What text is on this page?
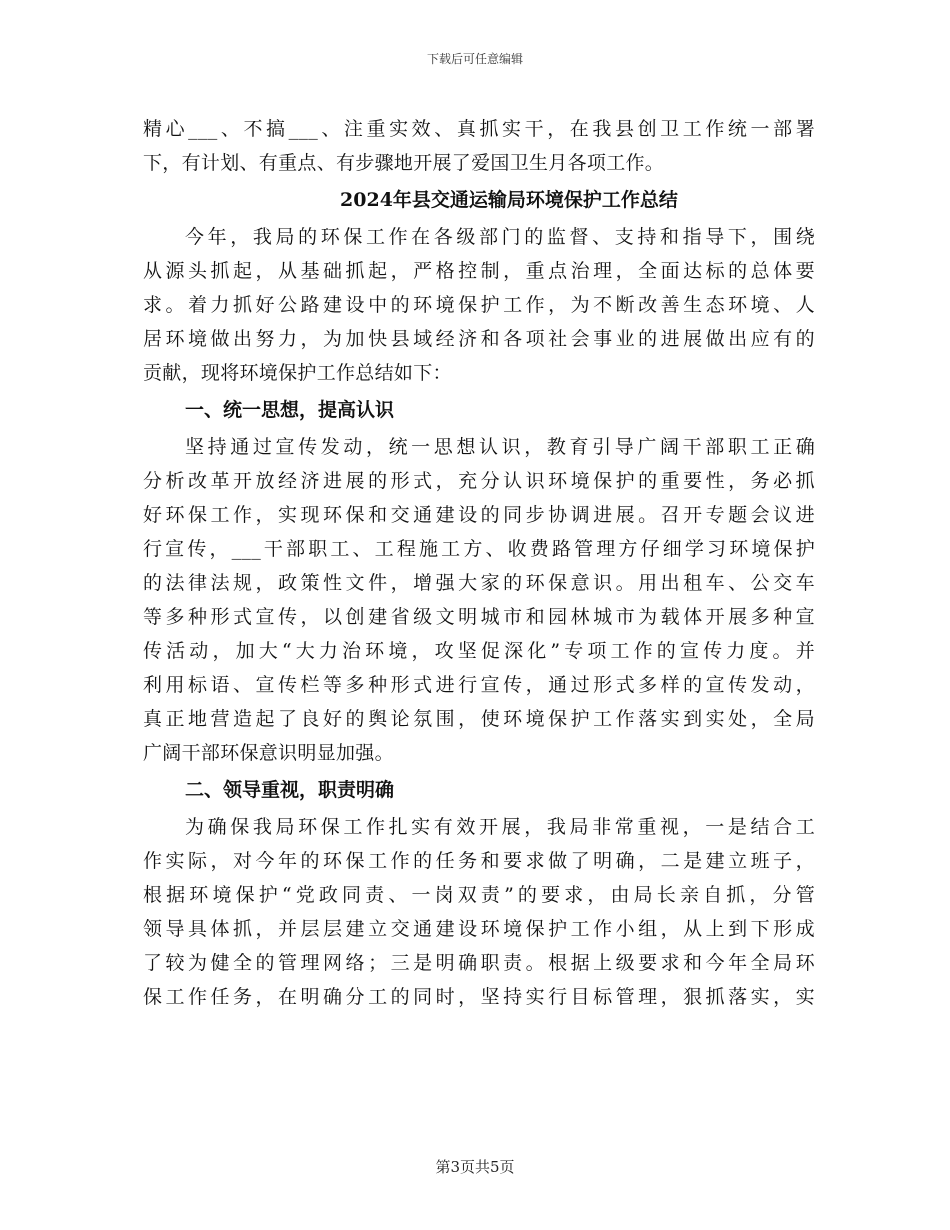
下载后可任意编辑
精心___、不搞___、注重实效、真抓实干，在我县创卫工作统一部署
下，有计划、有重点、有步骤地开展了爱国卫生月各项工作。
2024年县交通运输局环境保护工作总结
今年，我局的环保工作在各级部门的监督、支持和指导下，围绕
从源头抓起，从基础抓起，严格控制，重点治理，全面达标的总体要
求。着力抓好公路建设中的环境保护工作，为不断改善生态环境、人
居环境做出努力，为加快县域经济和各项社会事业的进展做出应有的
贡献，现将环境保护工作总结如下：
一、统一思想，提高认识
坚持通过宣传发动，统一思想认识，教育引导广阔干部职工正确
分析改革开放经济进展的形式，充分认识环境保护的重要性，务必抓
好环保工作，实现环保和交通建设的同步协调进展。召开专题会议进
行宣传，___干部职工、工程施工方、收费路管理方仔细学习环境保护
的法律法规，政策性文件，增强大家的环保意识。用出租车、公交车
等多种形式宣传，以创建省级文明城市和园林城市为载体开展多种宣
传活动，加大“大力治环境，攻坚促深化”专项工作的宣传力度。并
利用标语、宣传栏等多种形式进行宣传，通过形式多样的宣传发动，
真正地营造起了良好的舆论氛围，使环境保护工作落实到实处，全局
广阔干部环保意识明显加强。
二、领导重视，职责明确
为确保我局环保工作扎实有效开展，我局非常重视，一是结合工
作实际，对今年的环保工作的任务和要求做了明确，二是建立班子，
根据环境保护“党政同责、一岗双责”的要求，由局长亲自抓，分管
领导具体抓，并层层建立交通建设环境保护工作小组，从上到下形成
了较为健全的管理网络；三是明确职责。根据上级要求和今年全局环
保工作任务，在明确分工的同时，坚持实行目标管理，狠抓落实，实
第3页共5页
